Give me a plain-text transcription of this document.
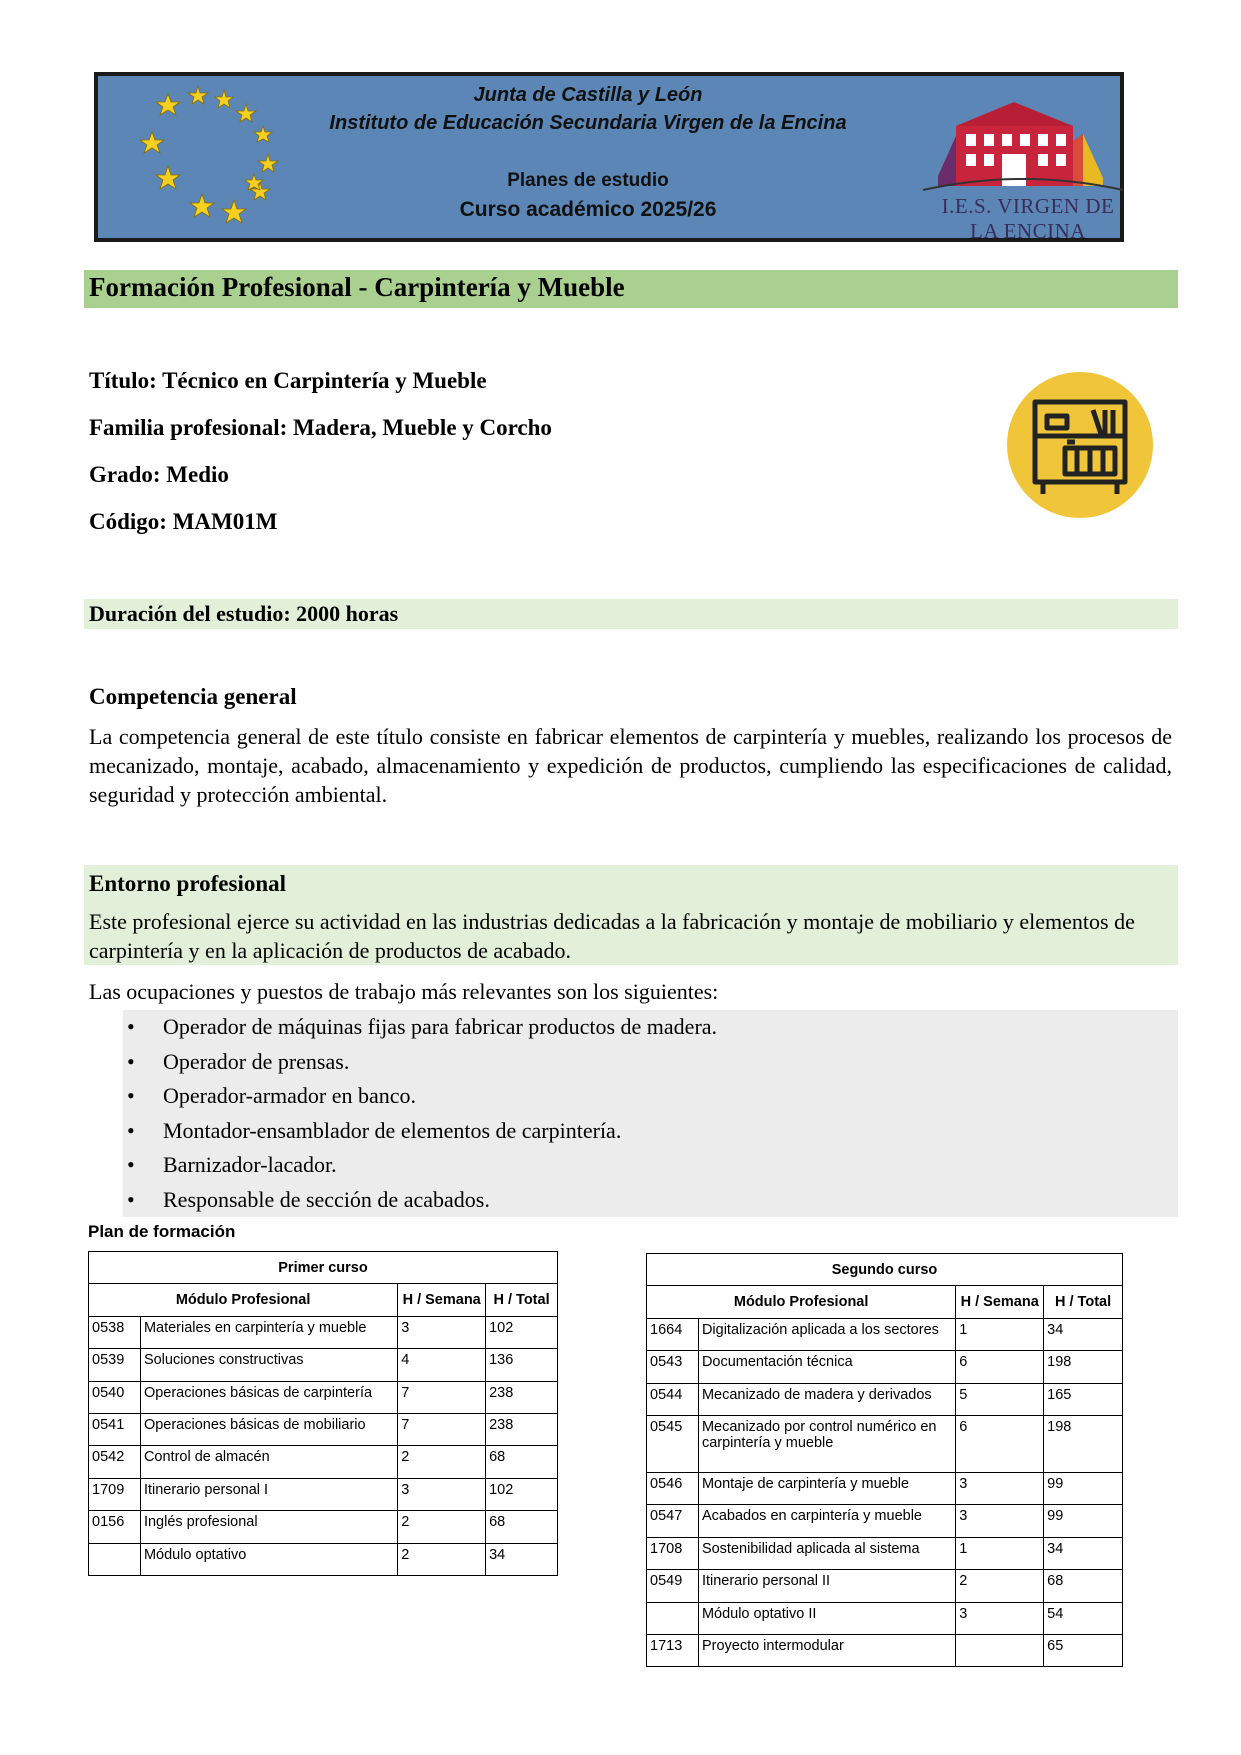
Junta de Castilla y León
Instituto de Educación Secundaria Virgen de la Encina
Planes de estudio
Curso académico 2025/26	I.E.S. VIRGEN DE LA ENCINA
Formación Profesional - Carpintería y Mueble
Título: Técnico en Carpintería y Mueble
Familia profesional: Madera, Mueble y Corcho
Grado: Medio
Código: MAM01M
Duración del estudio: 2000 horas
Competencia general
La competencia general de este título consiste en fabricar elementos de carpintería y muebles, realizando los procesos de mecanizado, montaje, acabado, almacenamiento y expedición de productos, cumpliendo las especificaciones de calidad, seguridad y protección ambiental.
Entorno profesional
Este profesional ejerce su actividad en las industrias dedicadas a la fabricación y montaje de mobiliario y elementos de carpintería y en la aplicación de productos de acabado.
Las ocupaciones y puestos de trabajo más relevantes son los siguientes:
• Operador de máquinas fijas para fabricar productos de madera.
• Operador de prensas.
• Operador-armador en banco.
• Montador-ensamblador de elementos de carpintería.
• Barnizador-lacador.
• Responsable de sección de acabados.
Plan de formación
Primer curso			
Módulo Profesional		H / Semana	H / Total
0538	Materiales en carpintería y mueble	3	102
0539	Soluciones constructivas	4	136
0540	Operaciones básicas de carpintería	7	238
0541	Operaciones básicas de mobiliario	7	238
0542	Control de almacén	2	68
1709	Itinerario personal I	3	102
0156	Inglés profesional	2	68
	Módulo optativo	2	34
Segundo curso			
Módulo Profesional		H / Semana	H / Total
1664	Digitalización aplicada a los sectores	1	34
0543	Documentación técnica	6	198
0544	Mecanizado de madera y derivados	5	165
0545	Mecanizado por control numérico en carpintería y mueble	6	198
0546	Montaje de carpintería y mueble	3	99
0547	Acabados en carpintería y mueble	3	99
1708	Sostenibilidad aplicada al sistema	1	34
0549	Itinerario personal II	2	68
	Módulo optativo II	3	54
1713	Proyecto intermodular		65
